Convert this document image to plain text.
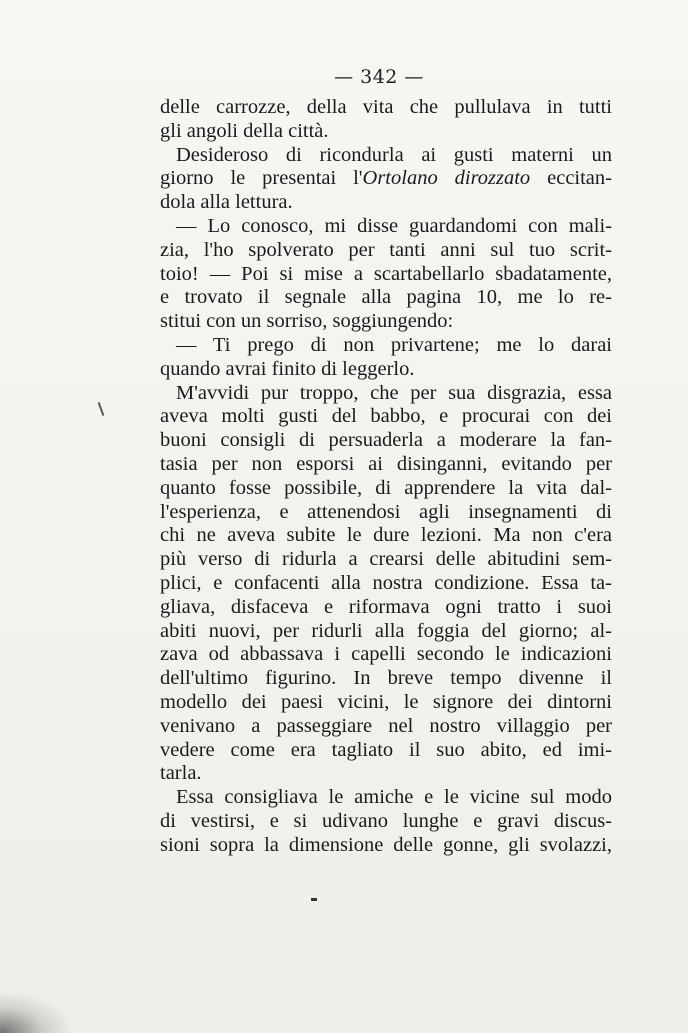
— 342 —
delle carrozze, della vita che pullulava in tutti
gli angoli della città.
Desideroso di ricondurla ai gusti materni un
giorno le presentai l'Ortolano dirozzato eccitan-
dola alla lettura.
— Lo conosco, mi disse guardandomi con mali-
zia, l'ho spolverato per tanti anni sul tuo scrit-
toio! — Poi si mise a scartabellarlo sbadatamente,
e trovato il segnale alla pagina 10, me lo re-
stitui con un sorriso, soggiungendo:
— Ti prego di non privartene; me lo darai
quando avrai finito di leggerlo.
M'avvidi pur troppo, che per sua disgrazia, essa
aveva molti gusti del babbo, e procurai con dei
buoni consigli di persuaderla a moderare la fan-
tasia per non esporsi ai disinganni, evitando per
quanto fosse possibile, di apprendere la vita dal-
l'esperienza, e attenendosi agli insegnamenti di
chi ne aveva subite le dure lezioni. Ma non c'era
più verso di ridurla a crearsi delle abitudini sem-
plici, e confacenti alla nostra condizione. Essa ta-
gliava, disfaceva e riformava ogni tratto i suoi
abiti nuovi, per ridurli alla foggia del giorno; al-
zava od abbassava i capelli secondo le indicazioni
dell'ultimo figurino. In breve tempo divenne il
modello dei paesi vicini, le signore dei dintorni
venivano a passeggiare nel nostro villaggio per
vedere come era tagliato il suo abito, ed imi-
tarla.
Essa consigliava le amiche e le vicine sul modo
di vestirsi, e si udivano lunghe e gravi discus-
sioni sopra la dimensione delle gonne, gli svolazzi,
